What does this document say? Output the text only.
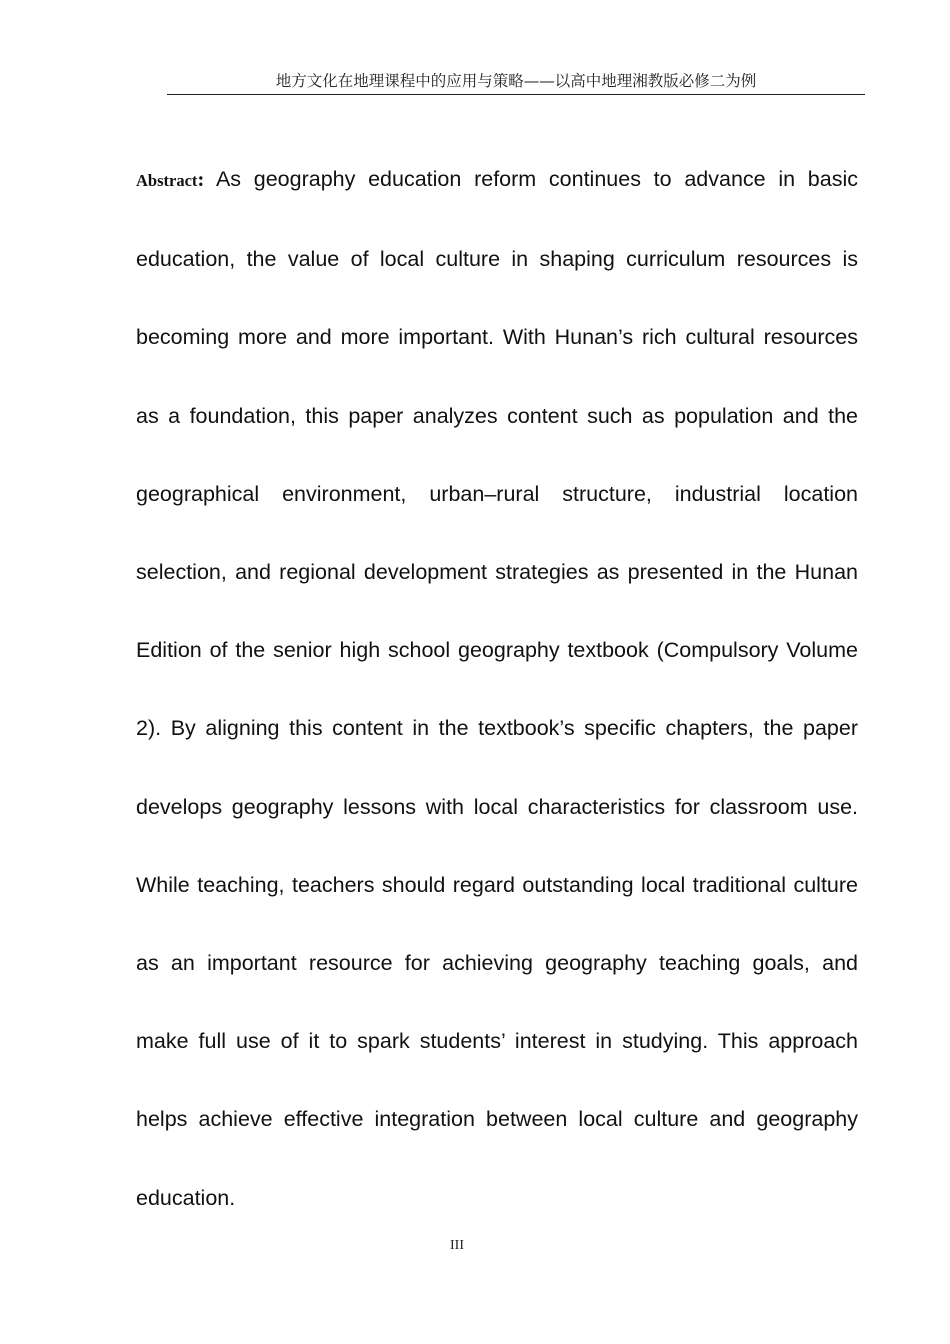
地方文化在地理课程中的应用与策略——以高中地理湘教版必修二为例

Abstract: As geography education reform continues to advance in basic education, the value of local culture in shaping curriculum resources is becoming more and more important. With Hunan’s rich cultural resources as a foundation, this paper analyzes content such as population and the geographical environment, urban–rural structure, industrial location selection, and regional development strategies as presented in the Hunan Edition of the senior high school geography textbook (Compulsory Volume 2). By aligning this content in the textbook’s specific chapters, the paper develops geography lessons with local characteristics for classroom use. While teaching, teachers should regard outstanding local traditional culture as an important resource for achieving geography teaching goals, and make full use of it to spark students’ interest in studying. This approach helps achieve effective integration between local culture and geography education.

III
